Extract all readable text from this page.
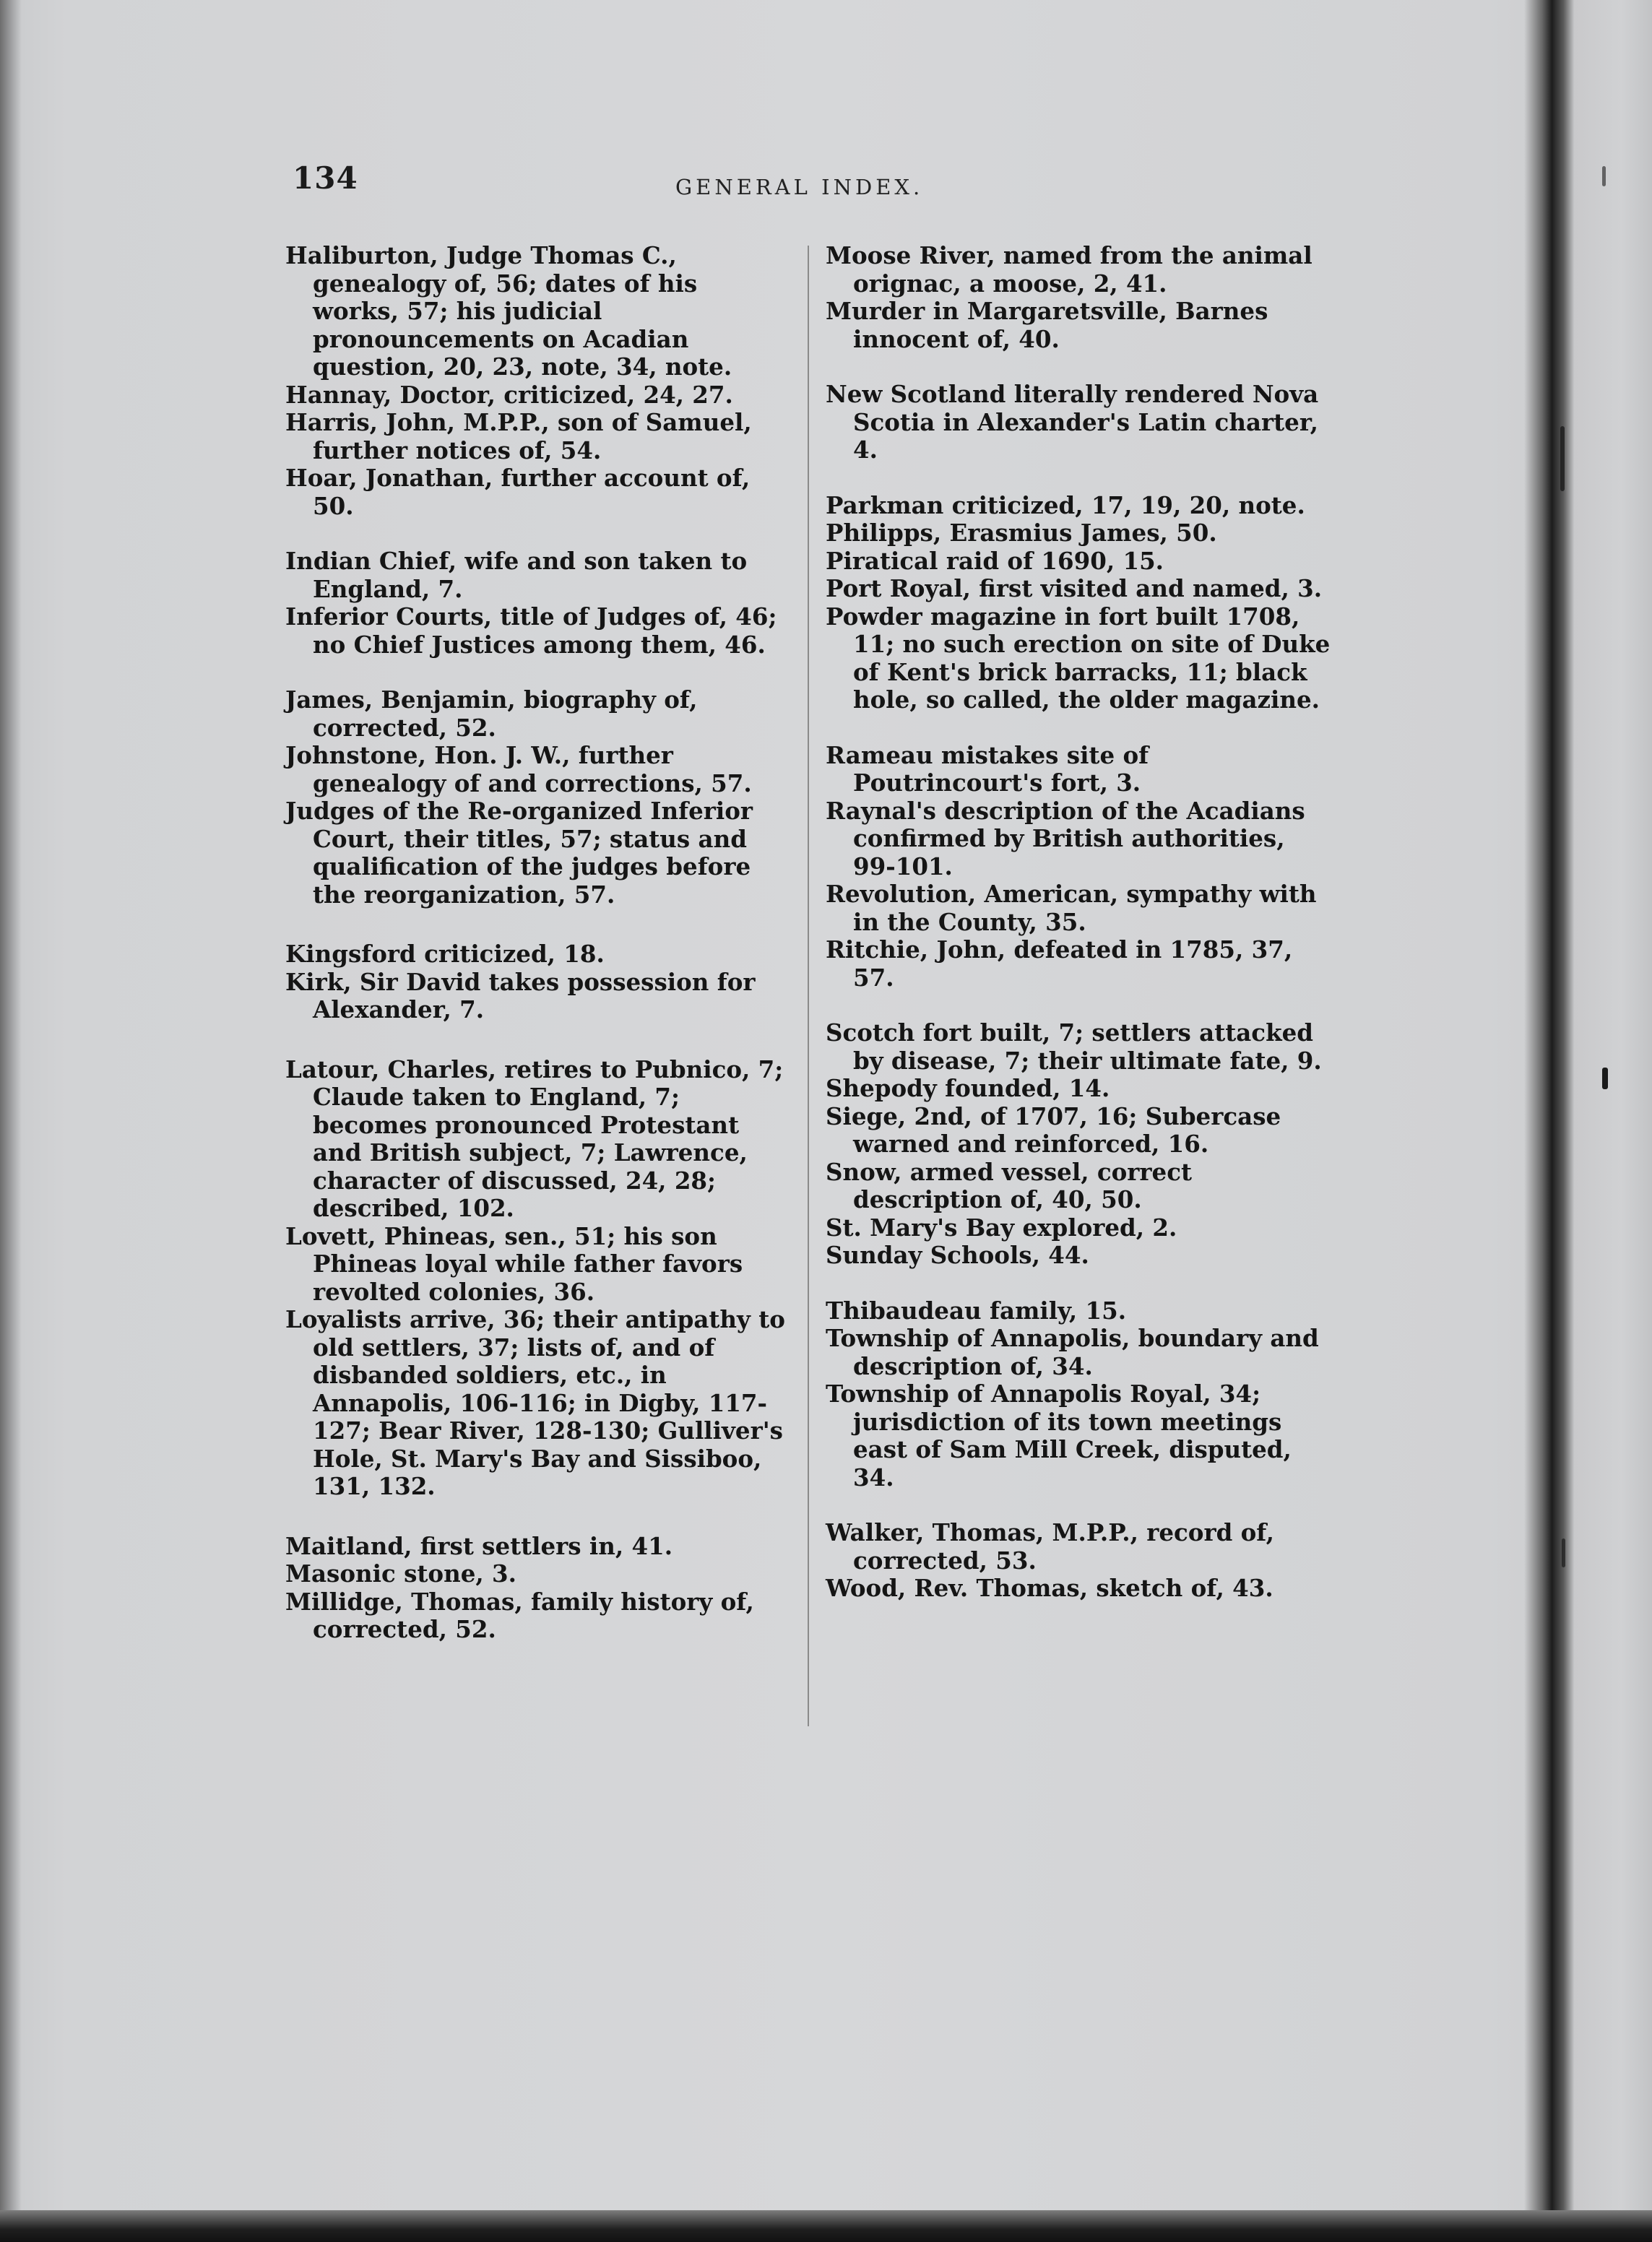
134	GENERAL INDEX.

Haliburton, Judge Thomas C., genealogy of, 56; dates of his works, 57; his judicial pronouncements on Acadian question, 20, 23, note, 34, note.

Hannay, Doctor, criticized, 24, 27.

Harris, John, M.P.P., son of Samuel, further notices of, 54.

Hoar, Jonathan, further account of, 50.

Indian Chief, wife and son taken to England, 7.

Inferior Courts, title of Judges of, 46; no Chief Justices among them, 46.

James, Benjamin, biography of, corrected, 52.

Johnstone, Hon. J. W., further genealogy of and corrections, 57.

Judges of the Re-organized Inferior Court, their titles, 57; status and qualification of the judges before the reorganization, 57.

Kingsford criticized, 18.

Kirk, Sir David takes possession for Alexander, 7.

Latour, Charles, retires to Pubnico, 7; Claude taken to England, 7; becomes pronounced Protestant and British subject, 7; Lawrence, character of discussed, 24, 28; described, 102.

Lovett, Phineas, sen., 51; his son Phineas loyal while father favors revolted colonies, 36.

Loyalists arrive, 36; their antipathy to old settlers, 37; lists of, and of disbanded soldiers, etc., in Annapolis, 106-116; in Digby, 117-127; Bear River, 128-130; Gulliver's Hole, St. Mary's Bay and Sissiboo, 131, 132.

Maitland, first settlers in, 41.

Masonic stone, 3.

Millidge, Thomas, family history of, corrected, 52.

Moose River, named from the animal orignac, a moose, 2, 41.

Murder in Margaretsville, Barnes innocent of, 40.

New Scotland literally rendered Nova Scotia in Alexander's Latin charter, 4.

Parkman criticized, 17, 19, 20, note.

Philipps, Erasmius James, 50.

Piratical raid of 1690, 15.

Port Royal, first visited and named, 3.

Powder magazine in fort built 1708, 11; no such erection on site of Duke of Kent's brick barracks, 11; black hole, so called, the older magazine.

Rameau mistakes site of Poutrincourt's fort, 3.

Raynal's description of the Acadians confirmed by British authorities, 99-101.

Revolution, American, sympathy with in the County, 35.

Ritchie, John, defeated in 1785, 37, 57.

Scotch fort built, 7; settlers attacked by disease, 7; their ultimate fate, 9.

Shepody founded, 14.

Siege, 2nd, of 1707, 16; Subercase warned and reinforced, 16.

Snow, armed vessel, correct description of, 40, 50.

St. Mary's Bay explored, 2.

Sunday Schools, 44.

Thibaudeau family, 15.

Township of Annapolis, boundary and description of, 34.

Township of Annapolis Royal, 34; jurisdiction of its town meetings east of Sam Mill Creek, disputed, 34.

Walker, Thomas, M.P.P., record of, corrected, 53.

Wood, Rev. Thomas, sketch of, 43.
